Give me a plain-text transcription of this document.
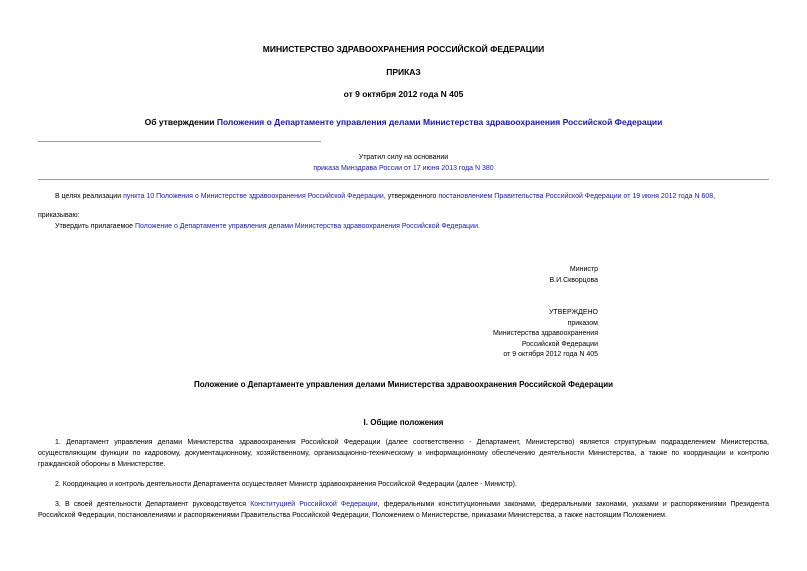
МИНИСТЕРСТВО ЗДРАВООХРАНЕНИЯ РОССИЙСКОЙ ФЕДЕРАЦИИ
ПРИКАЗ
от 9 октября 2012 года N 405
Об утверждении Положения о Департаменте управления делами Министерства здравоохранения Российской Федерации
Утратил силу на основании
приказа Минздрава России от 17 июня 2013 года N 380
В целях реализации пункта 10 Положения о Министерстве здравоохранения Российской Федерации, утвержденного постановлением Правительства Российской Федерации от 19 июня 2012 года N 608,
приказываю:
Утвердить прилагаемое Положение о Департаменте управления делами Министерства здравоохранения Российской Федерации.
Министр
В.И.Скворцова
УТВЕРЖДЕНО
приказом
Министерства здравоохранения
Российской Федерации
от 9 октября 2012 года N 405
Положение о Департаменте управления делами Министерства здравоохранения Российской Федерации
I. Общие положения
1. Департамент управления делами Министерства здравоохранения Российской Федерации (далее соответственно - Департамент, Министерство) является структурным подразделением Министерства, осуществляющим функции по кадровому, документационному, хозяйственному, организационно-техническому и информационному обеспечению деятельности Министерства, а также по координации и контролю гражданской обороны в Министерстве.
2. Координацию и контроль деятельности Департамента осуществляет Министр здравоохранения Российской Федерации (далее - Министр).
3. В своей деятельности Департамент руководствуется Конституцией Российской Федерации, федеральными конституционными законами, федеральными законами, указами и распоряжениями Президента Российской Федерации, постановлениями и распоряжениями Правительства Российской Федерации, Положением о Министерстве, приказами Министерства, а также настоящим Положением.
